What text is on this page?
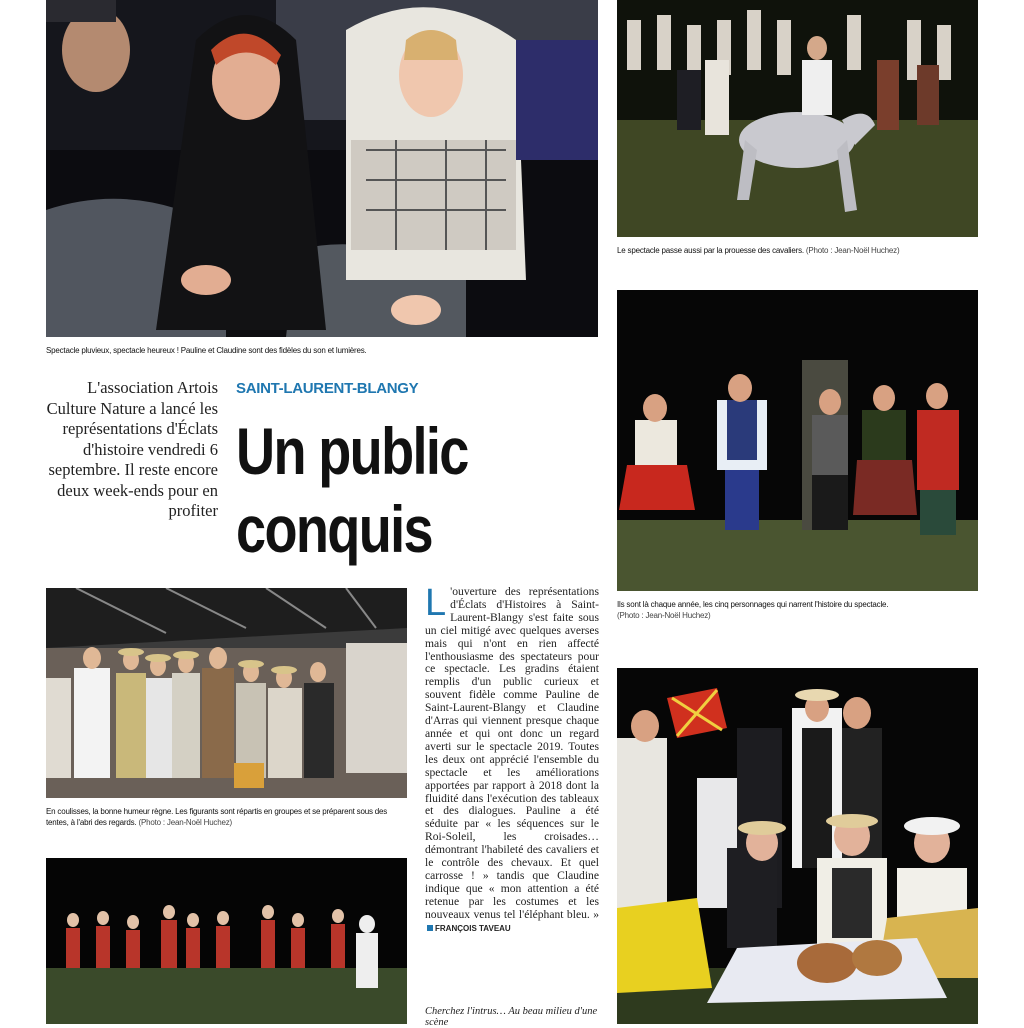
Spectacle pluvieux, spectacle heureux ! Pauline et Claudine sont des fidèles du son et lumières.
Le spectacle passe aussi par la prouesse des cavaliers. (Photo : Jean-Noël Huchez)
L'association Artois Culture Nature a lancé les représentations d'Éclats d'histoire vendredi 6 septembre. Il reste encore deux week-ends pour en profiter
SAINT-LAURENT-BLANGY
Un public conquis
Ils sont là chaque année, les cinq personnages qui narrent l'histoire du spectacle.
(Photo : Jean-Noël Huchez)
En coulisses, la bonne humeur règne. Les figurants sont répartis en groupes et se préparent sous des tentes, à l'abri des regards. (Photo : Jean-Noël Huchez)
L 'ouverture des représentations d'Éclats d'Histoires à Saint-Laurent-Blangy s'est faite sous un ciel mitigé avec quelques averses mais qui n'ont en rien affecté l'enthousiasme des spectateurs pour ce spectacle. Les gradins étaient remplis d'un public curieux et souvent fidèle comme Pauline de Saint-Laurent-Blangy et Claudine d'Arras qui viennent presque chaque année et qui ont donc un regard averti sur le spectacle 2019. Toutes les deux ont apprécié l'ensemble du spectacle et les améliorations apportées par rapport à 2018 dont la fluidité dans l'exécution des tableaux et des dialogues. Pauline a été séduite par « les séquences sur le Roi-Soleil, les croisades… démontrant l'habileté des cavaliers et le contrôle des chevaux. Et quel carrosse ! » tandis que Claudine indique que « mon attention a été retenue par les costumes et les nouveaux venus tel l'éléphant bleu. » FRANÇOIS TAVEAU
Cherchez l'intrus… Au beau milieu d'une scène
